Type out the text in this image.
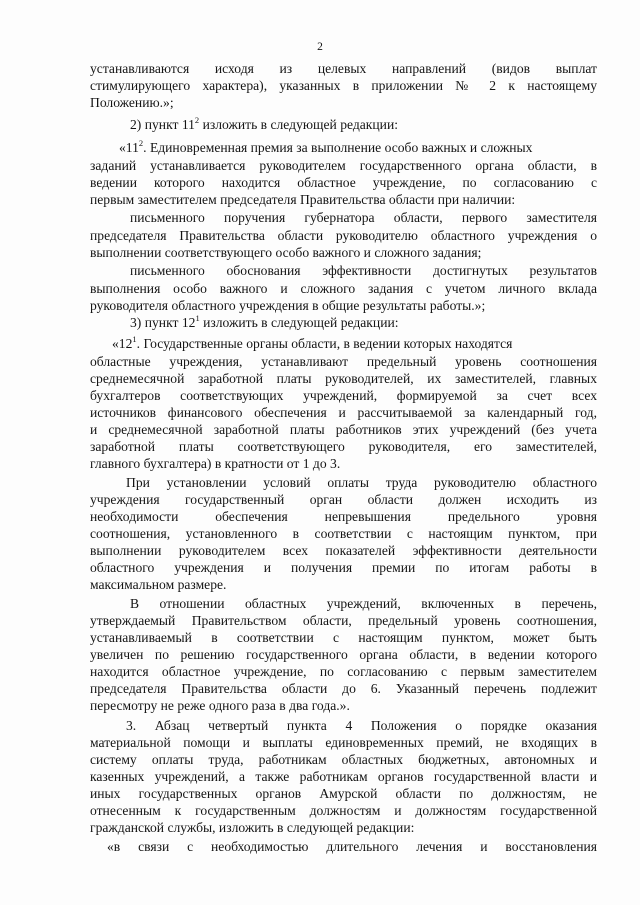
2
устанавливаются исходя из целевых направлений (видов выплат
стимулирующего характера), указанных в приложении № 2 к настоящему
Положению.»;
2) пункт $11^2$ изложить в следующей редакции:
«$11^2$. Единовременная премия за выполнение особо важных и сложных
заданий устанавливается руководителем государственного органа области, в
ведении которого находится областное учреждение, по согласованию с
первым заместителем председателя Правительства области при наличии:
письменного поручения губернатора области, первого заместителя
председателя Правительства области руководителю областного учреждения о
выполнении соответствующего особо важного и сложного задания;
письменного обоснования эффективности достигнутых результатов
выполнения особо важного и сложного задания с учетом личного вклада
руководителя областного учреждения в общие результаты работы.»;
3) пункт $12^1$ изложить в следующей редакции:
«$12^1$. Государственные органы области, в ведении которых находятся
областные учреждения, устанавливают предельный уровень соотношения
среднемесячной заработной платы руководителей, их заместителей, главных
бухгалтеров соответствующих учреждений, формируемой за счет всех
источников финансового обеспечения и рассчитываемой за календарный год,
и среднемесячной заработной платы работников этих учреждений (без учета
заработной платы соответствующего руководителя, его заместителей,
главного бухгалтера) в кратности от 1 до 3.
При установлении условий оплаты труда руководителю областного
учреждения государственный орган области должен исходить из
необходимости обеспечения непревышения предельного уровня
соотношения, установленного в соответствии с настоящим пунктом, при
выполнении руководителем всех показателей эффективности деятельности
областного учреждения и получения премии по итогам работы в
максимальном размере.
В отношении областных учреждений, включенных в перечень,
утверждаемый Правительством области, предельный уровень соотношения,
устанавливаемый в соответствии с настоящим пунктом, может быть
увеличен по решению государственного органа области, в ведении которого
находится областное учреждение, по согласованию с первым заместителем
председателя Правительства области до 6. Указанный перечень подлежит
пересмотру не реже одного раза в два года.».
3. Абзац четвертый пункта 4 Положения о порядке оказания
материальной помощи и выплаты единовременных премий, не входящих в
систему оплаты труда, работникам областных бюджетных, автономных и
казенных учреждений, а также работникам органов государственной власти и
иных государственных органов Амурской области по должностям, не
отнесенным к государственным должностям и должностям государственной
гражданской службы, изложить в следующей редакции:
«в связи с необходимостью длительного лечения и восстановления
